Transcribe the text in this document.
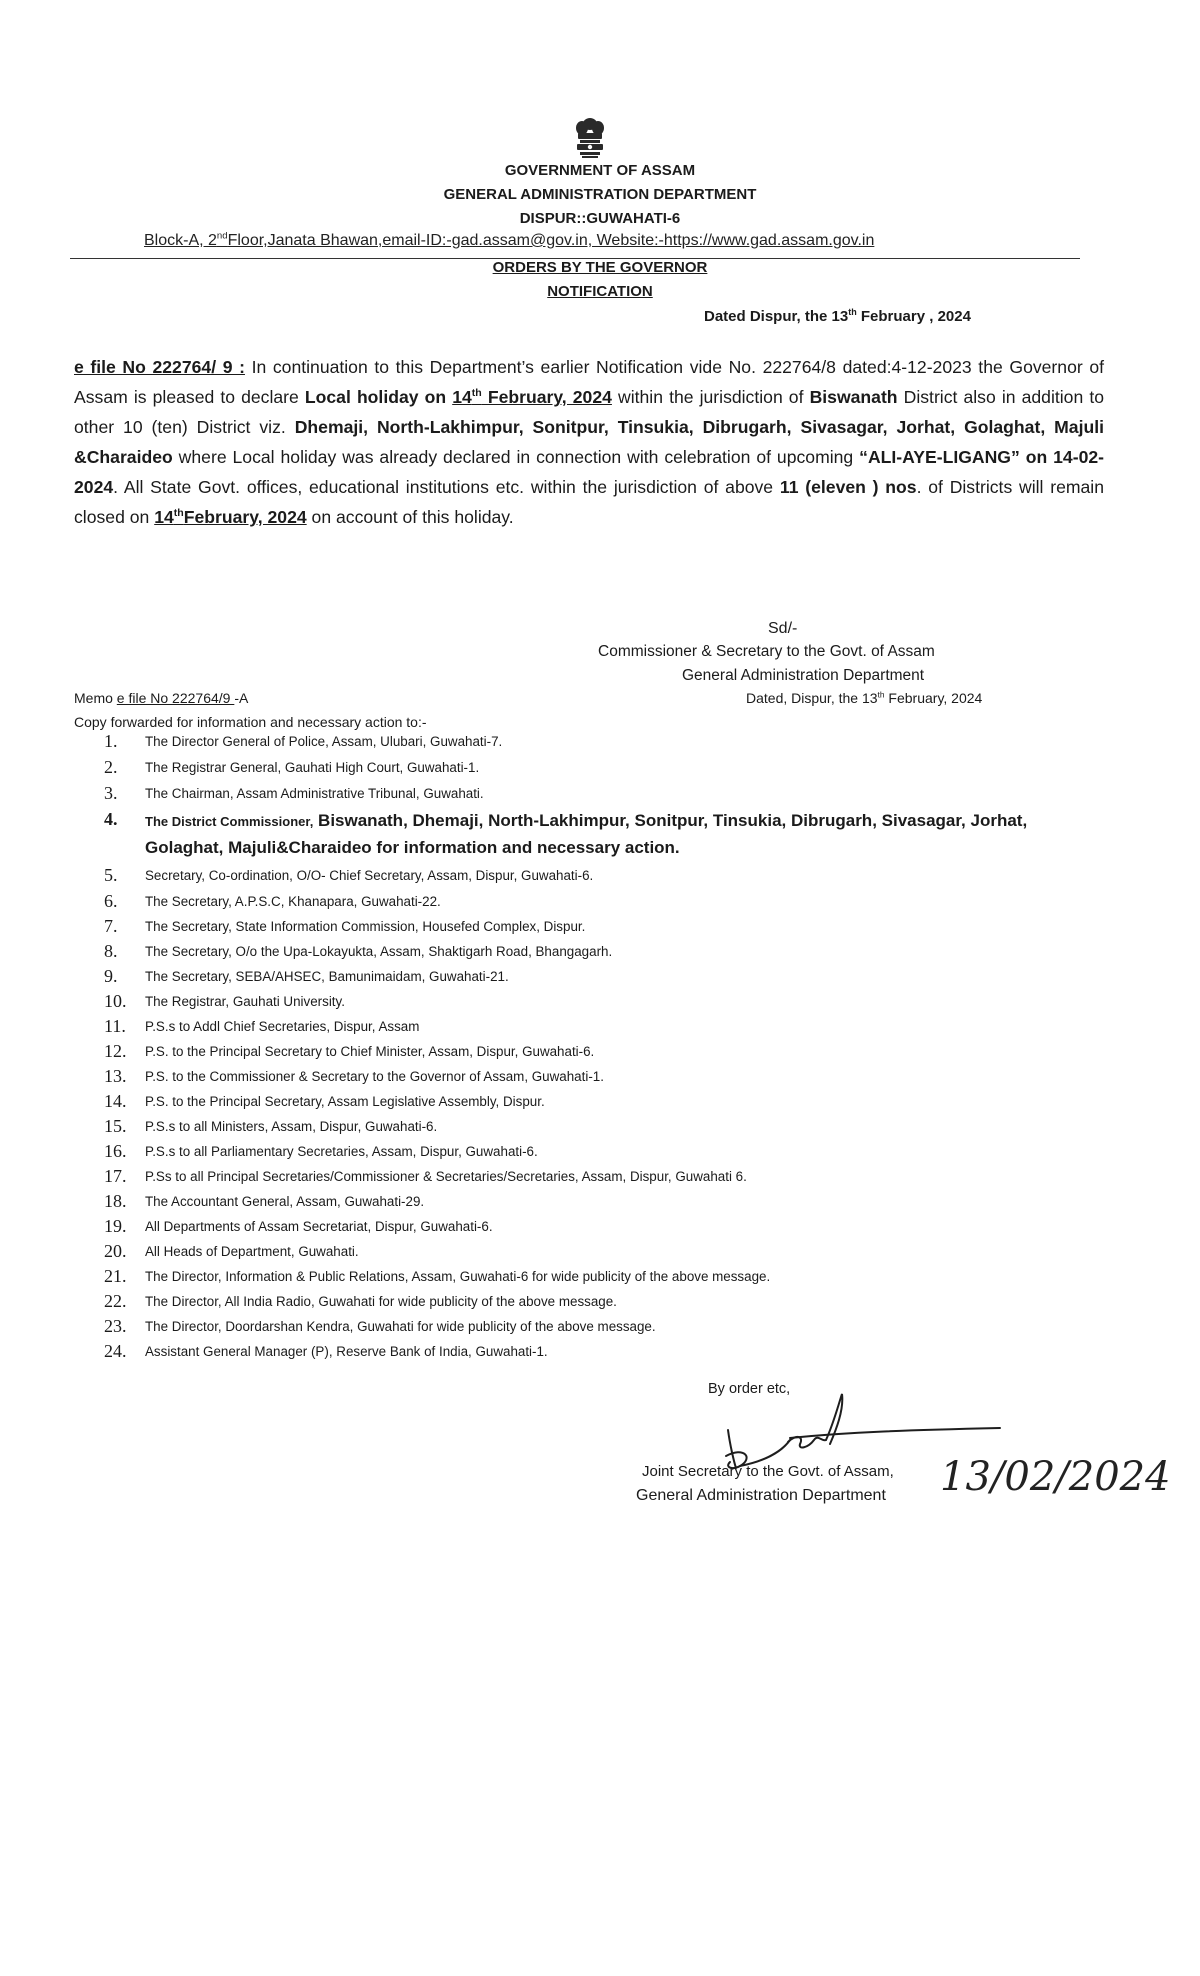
GOVERNMENT OF ASSAM
GENERAL ADMINISTRATION DEPARTMENT
DISPUR::GUWAHATI-6
Block-A, 2ndFloor,Janata Bhawan,email-ID:-gad.assam@gov.in, Website:-https://www.gad.assam.gov.in
ORDERS BY THE GOVERNOR
NOTIFICATION
Dated Dispur, the 13th February , 2024
e file No 222764/ 9 : In continuation to this Department’s earlier Notification vide No. 222764/8 dated:4-12-2023 the Governor of Assam is pleased to declare Local holiday on 14th February, 2024 within the jurisdiction of Biswanath District also in addition to other 10 (ten) District viz. Dhemaji, North-Lakhimpur, Sonitpur, Tinsukia, Dibrugarh, Sivasagar, Jorhat, Golaghat, Majuli &Charaideo where Local holiday was already declared in connection with celebration of upcoming “ALI-AYE-LIGANG” on 14-02-2024. All State Govt. offices, educational institutions etc. within the jurisdiction of above 11 (eleven ) nos. of Districts will remain closed on 14thFebruary, 2024 on account of this holiday.
Sd/-
Commissioner & Secretary to the Govt. of Assam
General Administration Department
Memo e file No 222764/9 -A	Dated, Dispur, the 13th February, 2024
Copy forwarded for information and necessary action to:-
1.	The Director General of Police, Assam, Ulubari, Guwahati-7.
2.	The Registrar General, Gauhati High Court, Guwahati-1.
3.	The Chairman, Assam Administrative Tribunal, Guwahati.
4.	The District Commissioner, Biswanath, Dhemaji, North-Lakhimpur, Sonitpur, Tinsukia, Dibrugarh, Sivasagar, Jorhat, Golaghat, Majuli&Charaideo for information and necessary action.
5.	Secretary, Co-ordination, O/O- Chief Secretary, Assam, Dispur, Guwahati-6.
6.	The Secretary, A.P.S.C, Khanapara, Guwahati-22.
7.	The Secretary, State Information Commission, Housefed Complex, Dispur.
8.	The Secretary, O/o the Upa-Lokayukta, Assam, Shaktigarh Road, Bhangagarh.
9.	The Secretary, SEBA/AHSEC, Bamunimaidam, Guwahati-21.
10.	The Registrar, Gauhati University.
11.	P.S.s to Addl Chief Secretaries, Dispur, Assam
12.	P.S. to the Principal Secretary to Chief Minister, Assam, Dispur, Guwahati-6.
13.	P.S. to the Commissioner & Secretary to the Governor of Assam, Guwahati-1.
14.	P.S. to the Principal Secretary, Assam Legislative Assembly, Dispur.
15.	P.S.s to all Ministers, Assam, Dispur, Guwahati-6.
16.	P.S.s to all Parliamentary Secretaries, Assam, Dispur, Guwahati-6.
17.	P.Ss to all Principal Secretaries/Commissioner & Secretaries/Secretaries, Assam, Dispur, Guwahati 6.
18.	The Accountant General, Assam, Guwahati-29.
19.	All Departments of Assam Secretariat, Dispur, Guwahati-6.
20.	All Heads of Department, Guwahati.
21.	The Director, Information & Public Relations, Assam, Guwahati-6 for wide publicity of the above message.
22.	The Director, All India Radio, Guwahati for wide publicity of the above message.
23.	The Director, Doordarshan Kendra, Guwahati for wide publicity of the above message.
24.	Assistant General Manager (P), Reserve Bank of India, Guwahati-1.
By order etc,
13/02/2024
Joint Secretary to the Govt. of Assam,
General Administration Department
